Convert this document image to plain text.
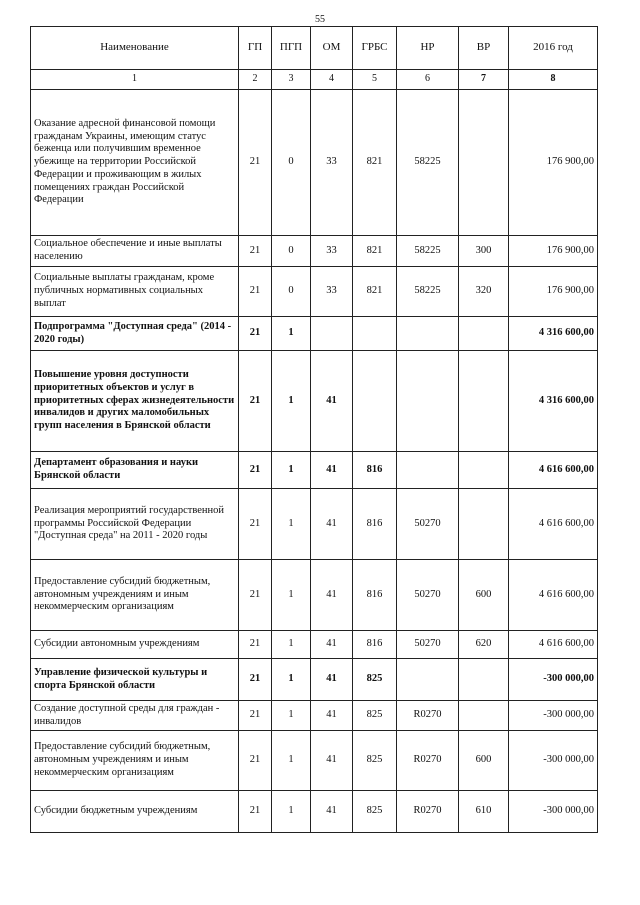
55
Наименование	ГП	ПГП	ОМ	ГРБС	НР	ВР	2016 год
1	2	3	4	5	6	7	8
Оказание адресной финансовой помощи гражданам Украины, имеющим статус беженца или получившим временное убежище на территории Российской Федерации и проживающим в жилых помещениях граждан Российской Федерации	21	0	33	821	58225		176 900,00
Социальное обеспечение и иные выплаты населению	21	0	33	821	58225	300	176 900,00
Социальные выплаты гражданам, кроме публичных нормативных социальных выплат	21	0	33	821	58225	320	176 900,00
Подпрограмма "Доступная среда" (2014 - 2020 годы)	21	1					4 316 600,00
Повышение уровня доступности приоритетных объектов и услуг в приоритетных сферах жизнедеятельности инвалидов и других маломобильных групп населения в Брянской области	21	1	41				4 316 600,00
Департамент образования и науки Брянской области	21	1	41	816			4 616 600,00
Реализация мероприятий государственной программы Российской Федерации "Доступная среда" на 2011 - 2020 годы	21	1	41	816	50270		4 616 600,00
Предоставление субсидий бюджетным, автономным учреждениям и иным некоммерческим организациям	21	1	41	816	50270	600	4 616 600,00
Субсидии автономным учреждениям	21	1	41	816	50270	620	4 616 600,00
Управление физической культуры и спорта Брянской области	21	1	41	825			-300 000,00
Создание доступной среды для граждан - инвалидов	21	1	41	825	R0270		-300 000,00
Предоставление субсидий бюджетным, автономным учреждениям и иным некоммерческим организациям	21	1	41	825	R0270	600	-300 000,00
Субсидии бюджетным учреждениям	21	1	41	825	R0270	610	-300 000,00
